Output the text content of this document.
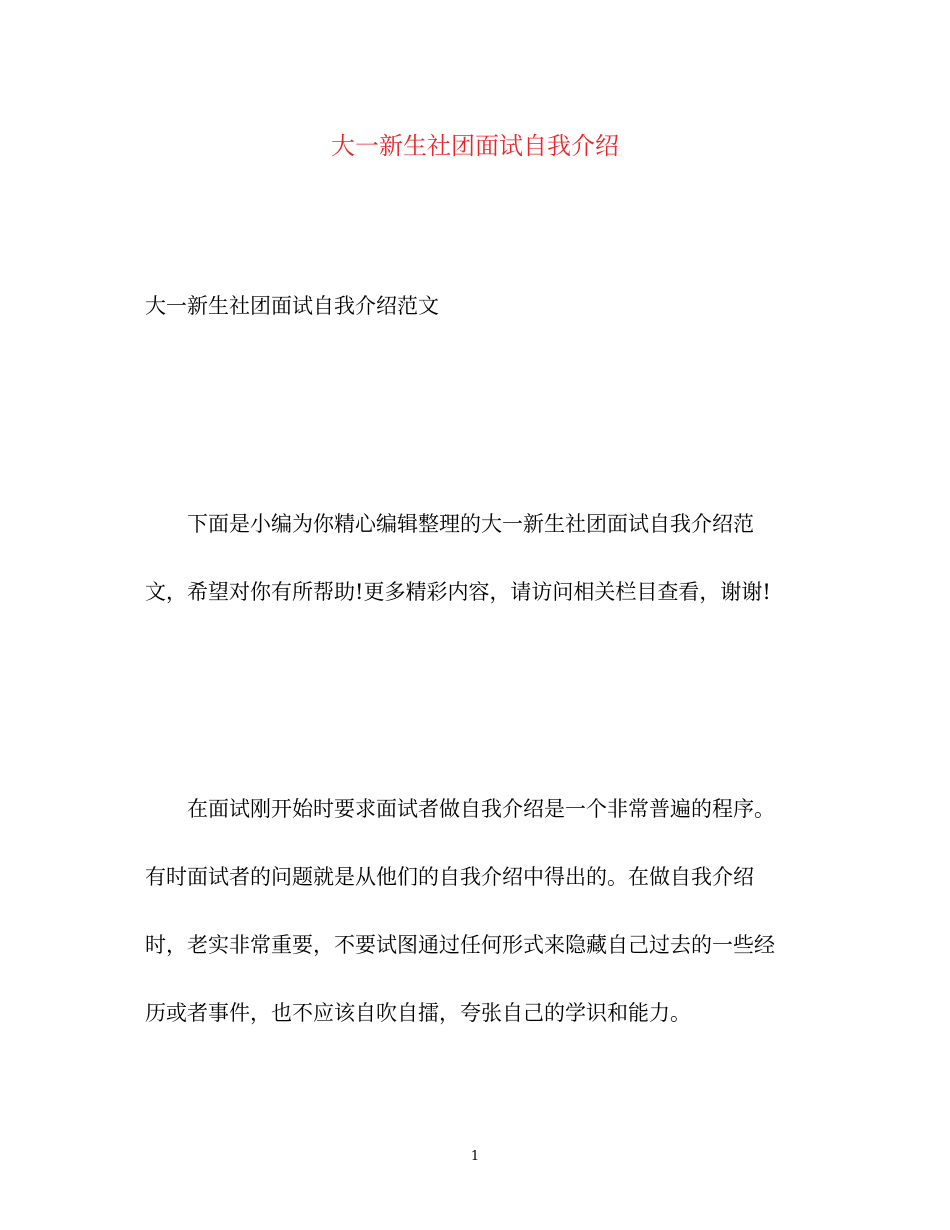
大一新生社团面试自我介绍

大一新生社团面试自我介绍范文

下面是小编为你精心编辑整理的大一新生社团面试自我介绍范
文，希望对你有所帮助!更多精彩内容，请访问相关栏目查看，谢谢!

在面试刚开始时要求面试者做自我介绍是一个非常普遍的程序。
有时面试者的问题就是从他们的自我介绍中得出的。在做自我介绍
时，老实非常重要，不要试图通过任何形式来隐藏自己过去的一些经
历或者事件，也不应该自吹自擂，夸张自己的学识和能力。

1
